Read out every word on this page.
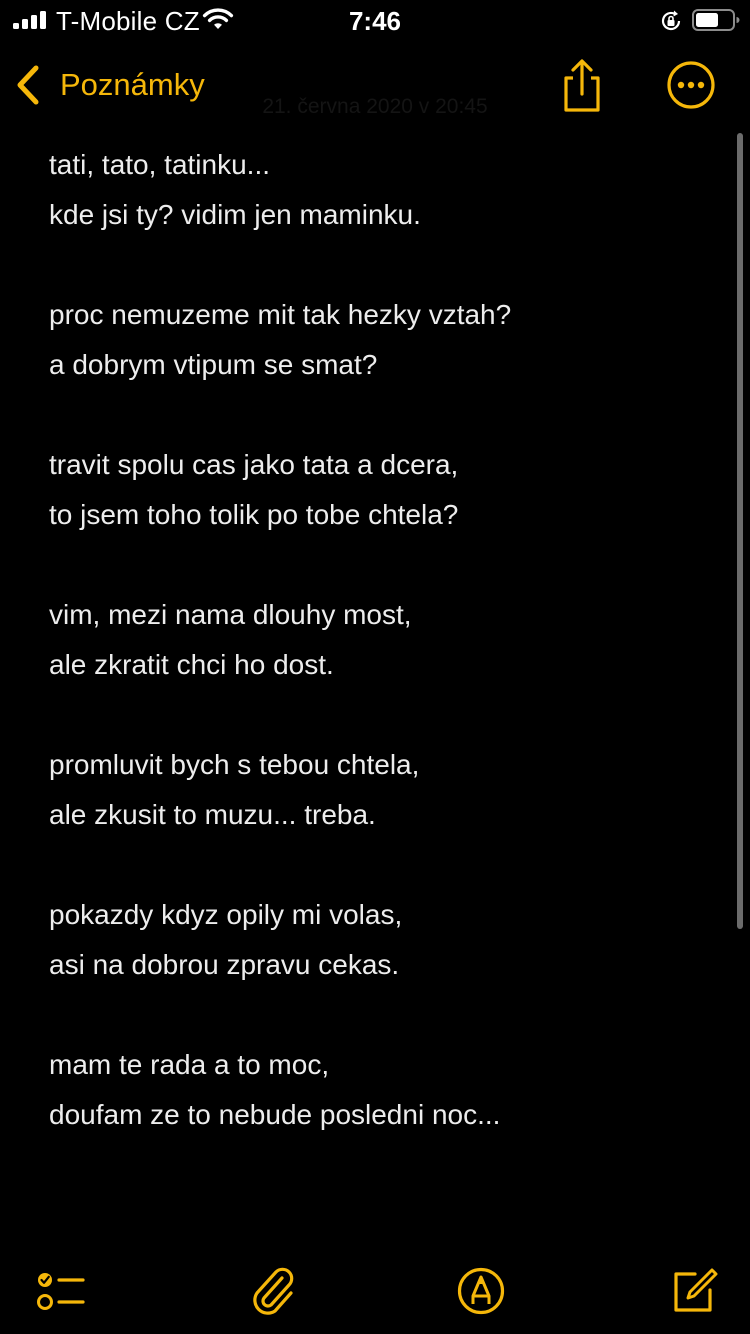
T-Mobile CZ	7:46
Poznámky
21. června 2020 v 20:45
tati, tato, tatinku...
kde jsi ty? vidim jen maminku.
proc nemuzeme mit tak hezky vztah?
a dobrym vtipum se smat?
travit spolu cas jako tata a dcera,
to jsem toho tolik po tobe chtela?
vim, mezi nama dlouhy most,
ale zkratit chci ho dost.
promluvit bych s tebou chtela,
ale zkusit to muzu... treba.
pokazdy kdyz opily mi volas,
asi na dobrou zpravu cekas.
mam te rada a to moc,
doufam ze to nebude posledni noc...
